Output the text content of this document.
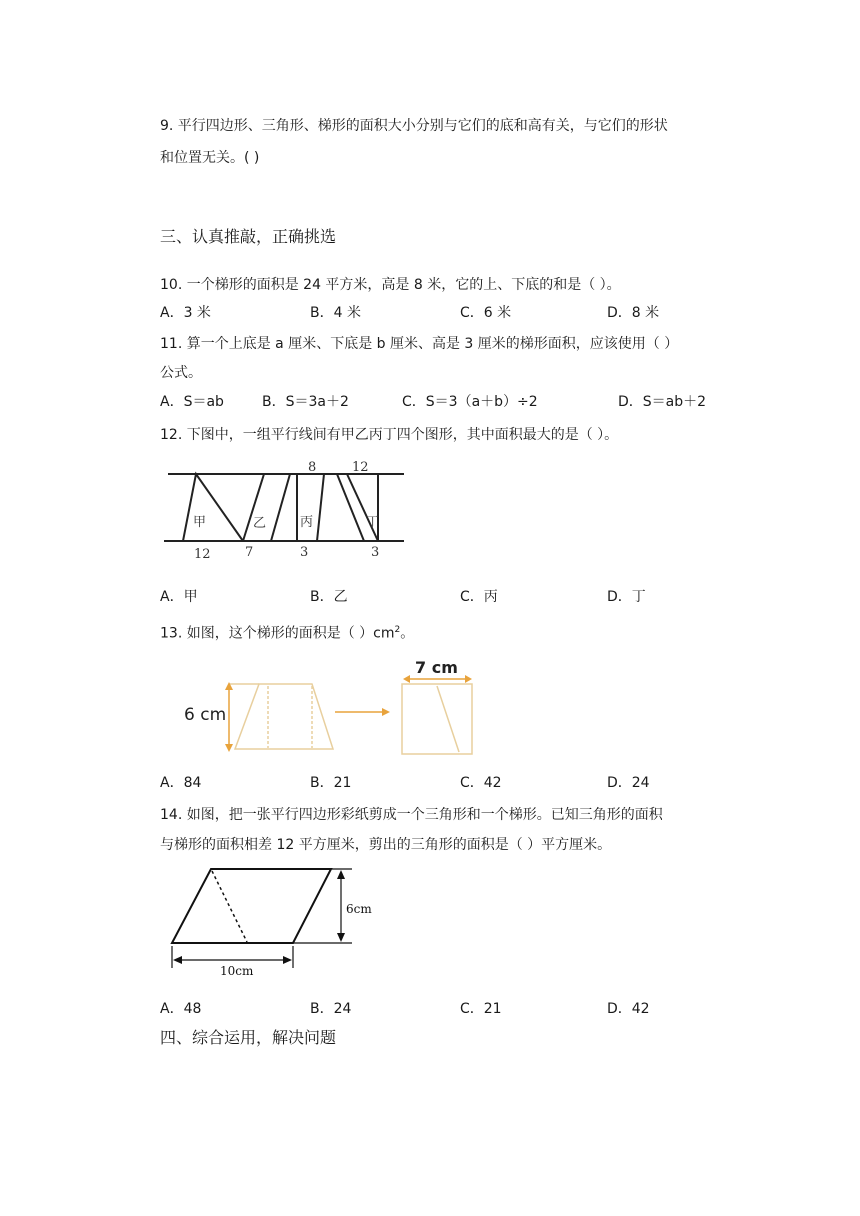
9. 平行四边形、三角形、梯形的面积大小分别与它们的底和高有关，与它们的形状
和位置无关。( )
三、认真推敲，正确挑选
10. 一个梯形的面积是 24 平方米，高是 8 米，它的上、下底的和是（ ）。
A．3 米	B．4 米	C．6 米	D．8 米
11. 算一个上底是 a 厘米、下底是 b 厘米、高是 3 厘米的梯形面积，应该使用（ ）
公式。
A．S＝ab	B．S＝3a＋2	C．S＝3（a＋b）÷2	D．S＝ab＋2
12. 下图中，一组平行线间有甲乙丙丁四个图形，其中面积最大的是（ ）。
8	12
12	7	3	3
甲	乙	丙	丁
A．甲	B．乙	C．丙	D．丁
13. 如图，这个梯形的面积是（ ）$cm^2$。
6 cm
7 cm
A．84	B．21	C．42	D．24
14. 如图，把一张平行四边形彩纸剪成一个三角形和一个梯形。已知三角形的面积
与梯形的面积相差 12 平方厘米，剪出的三角形的面积是（ ）平方厘米。
6cm
10cm
A．48	B．24	C．21	D．42
四、综合运用，解决问题
